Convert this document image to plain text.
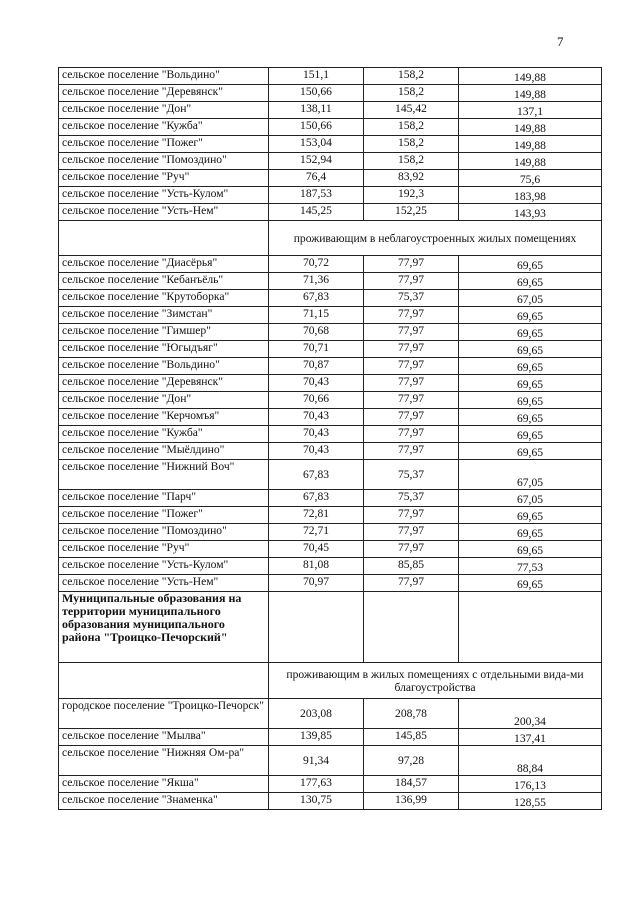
7
сельское поселение "Вольдино"	151,1	158,2	149,88
сельское поселение "Деревянск"	150,66	158,2	149,88
сельское поселение "Дон"	138,11	145,42	137,1
сельское поселение "Кужба"	150,66	158,2	149,88
сельское поселение "Пожег"	153,04	158,2	149,88
сельское поселение "Помоздино"	152,94	158,2	149,88
сельское поселение "Руч"	76,4	83,92	75,6
сельское поселение "Усть-Кулом"	187,53	192,3	183,98
сельское поселение "Усть-Нем"	145,25	152,25	143,93
	проживающим в неблагоустроенных жилых помещениях		
сельское поселение "Диасёрья"	70,72	77,97	69,65
сельское поселение "Кебанъёль"	71,36	77,97	69,65
сельское поселение "Крутоборка"	67,83	75,37	67,05
сельское поселение "Зимстан"	71,15	77,97	69,65
сельское поселение "Гимшер"	70,68	77,97	69,65
сельское поселение "Югыдъяг"	70,71	77,97	69,65
сельское поселение "Вольдино"	70,87	77,97	69,65
сельское поселение "Деревянск"	70,43	77,97	69,65
сельское поселение "Дон"	70,66	77,97	69,65
сельское поселение "Керчомъя"	70,43	77,97	69,65
сельское поселение "Кужба"	70,43	77,97	69,65
сельское поселение "Мыёлдино"	70,43	77,97	69,65
сельское поселение "Нижний Воч"	67,83	75,37	67,05
сельское поселение "Парч"	67,83	75,37	67,05
сельское поселение "Пожег"	72,81	77,97	69,65
сельское поселение "Помоздино"	72,71	77,97	69,65
сельское поселение "Руч"	70,45	77,97	69,65
сельское поселение "Усть-Кулом"	81,08	85,85	77,53
сельское поселение "Усть-Нем"	70,97	77,97	69,65
Муниципальные образования на территории муниципального образования муниципального района "Троицко-Печорский"			
	проживающим в жилых помещениях с отдельными вида-ми благоустройства		
городское поселение "Троицко-Печорск"	203,08	208,78	200,34
сельское поселение "Мылва"	139,85	145,85	137,41
сельское поселение "Нижняя Ом-ра"	91,34	97,28	88,84
сельское поселение "Якша"	177,63	184,57	176,13
сельское поселение "Знаменка"	130,75	136,99	128,55
